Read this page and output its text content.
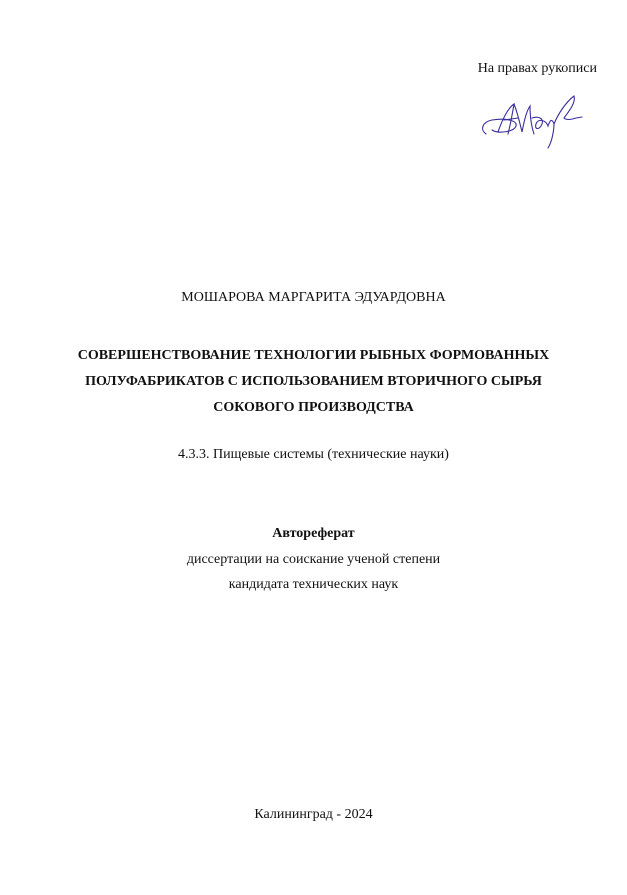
На правах рукописи
МОШАРОВА МАРГАРИТА ЭДУАРДОВНА
СОВЕРШЕНСТВОВАНИЕ ТЕХНОЛОГИИ РЫБНЫХ ФОРМОВАННЫХ
ПОЛУФАБРИКАТОВ С ИСПОЛЬЗОВАНИЕМ ВТОРИЧНОГО СЫРЬЯ
СОКОВОГО ПРОИЗВОДСТВА
4.3.3. Пищевые системы (технические науки)
Автореферат
диссертации на соискание ученой степени
кандидата технических наук
Калининград - 2024
